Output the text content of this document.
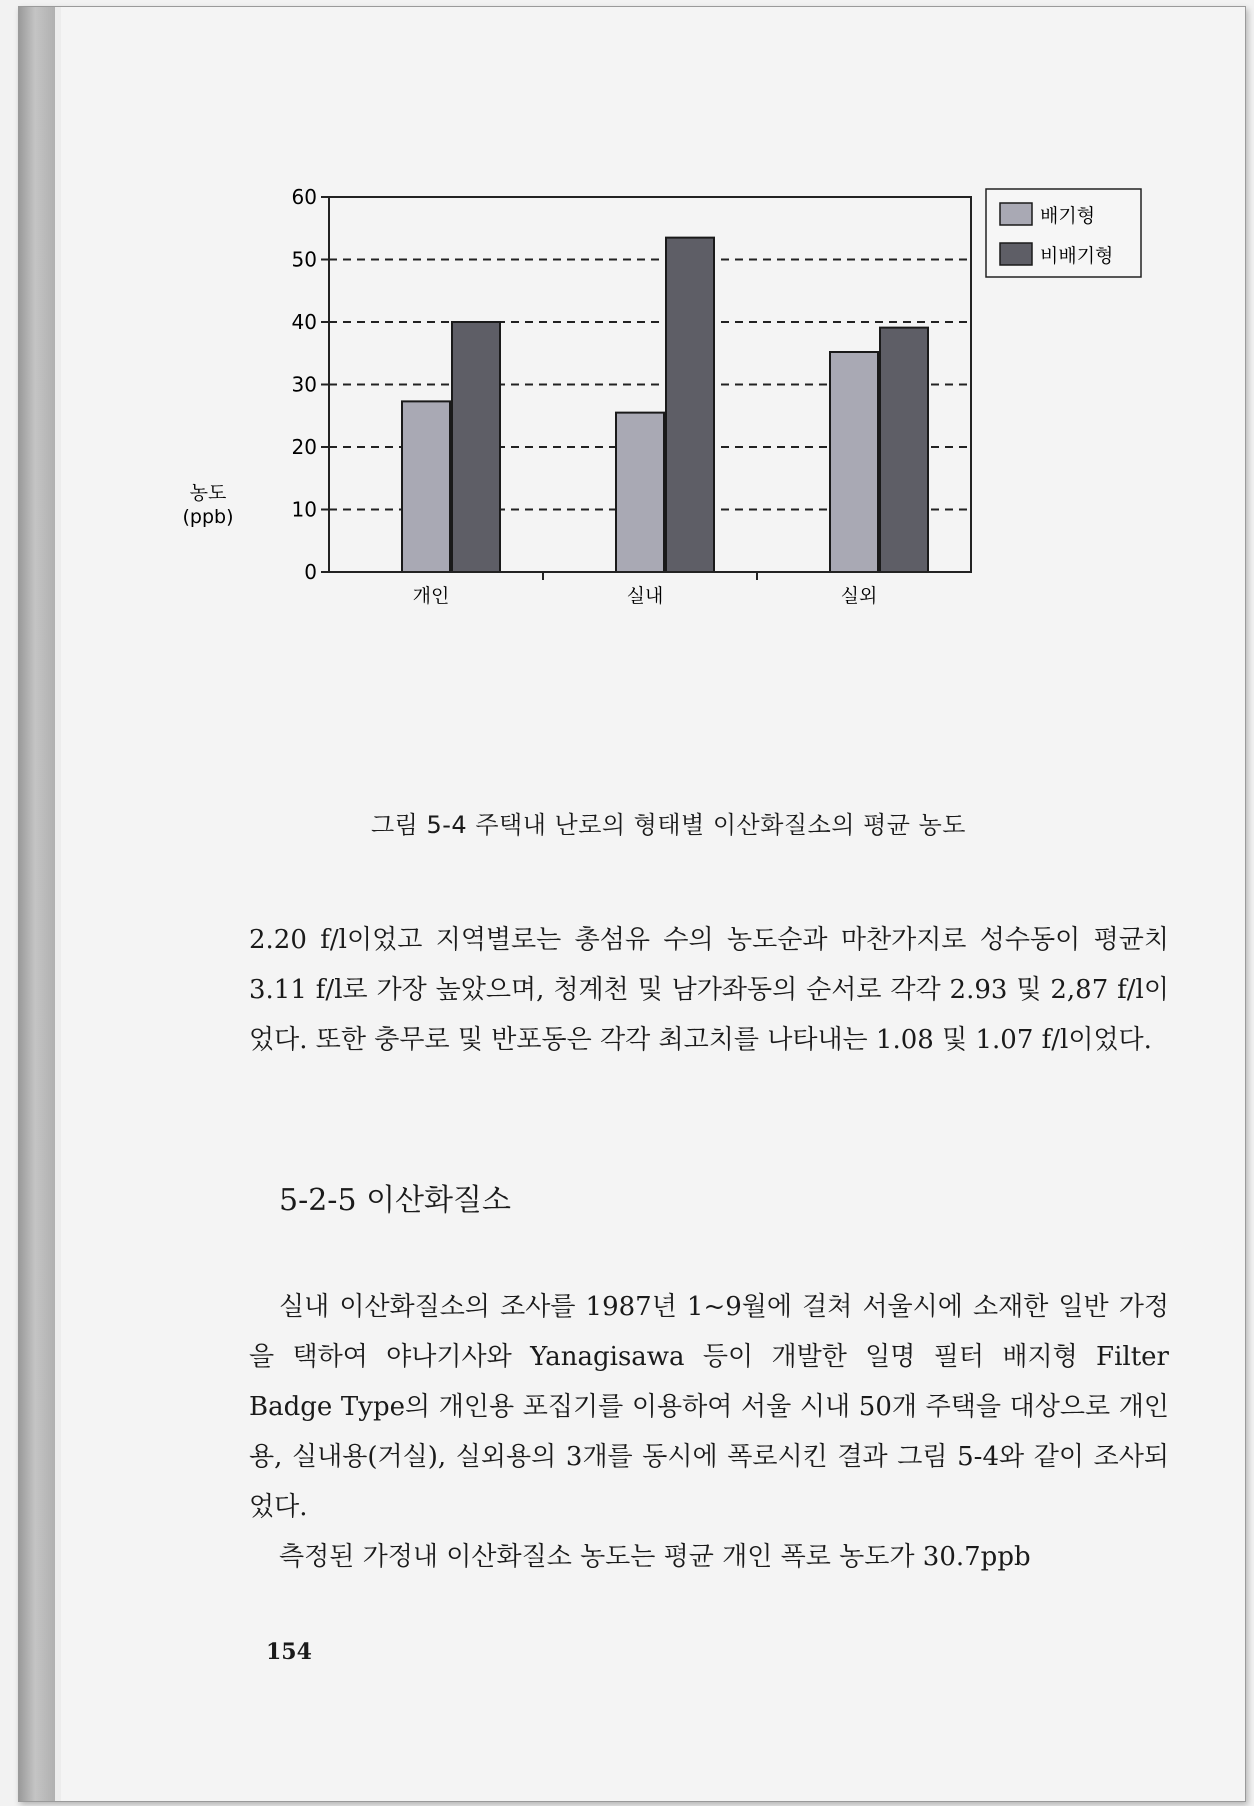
0
10
20
30
40
50
60
개인	실내	실외
농도
(ppb)
배기형
비배기형
그림 5-4 주택내 난로의 형태별 이산화질소의 평균 농도
2.20 f/l이었고 지역별로는 총섬유 수의 농도순과 마찬가지로 성수동이 평균치 3.11 f/l로 가장 높았으며, 청계천 및 남가좌동의 순서로 각각 2.93 및 2,87 f/l이었다. 또한 충무로 및 반포동은 각각 최고치를 나타내는 1.08 및 1.07 f/l이었다.
5-2-5 이산화질소
실내 이산화질소의 조사를 1987년 1~9월에 걸쳐 서울시에 소재한 일반 가정을 택하여 야나기사와 Yanagisawa 등이 개발한 일명 필터 배지형 Filter Badge Type의 개인용 포집기를 이용하여 서울 시내 50개 주택을 대상으로 개인용, 실내용(거실), 실외용의 3개를 동시에 폭로시킨 결과 그림 5-4와 같이 조사되었다.
측정된 가정내 이산화질소 농도는 평균 개인 폭로 농도가 30.7ppb
154
